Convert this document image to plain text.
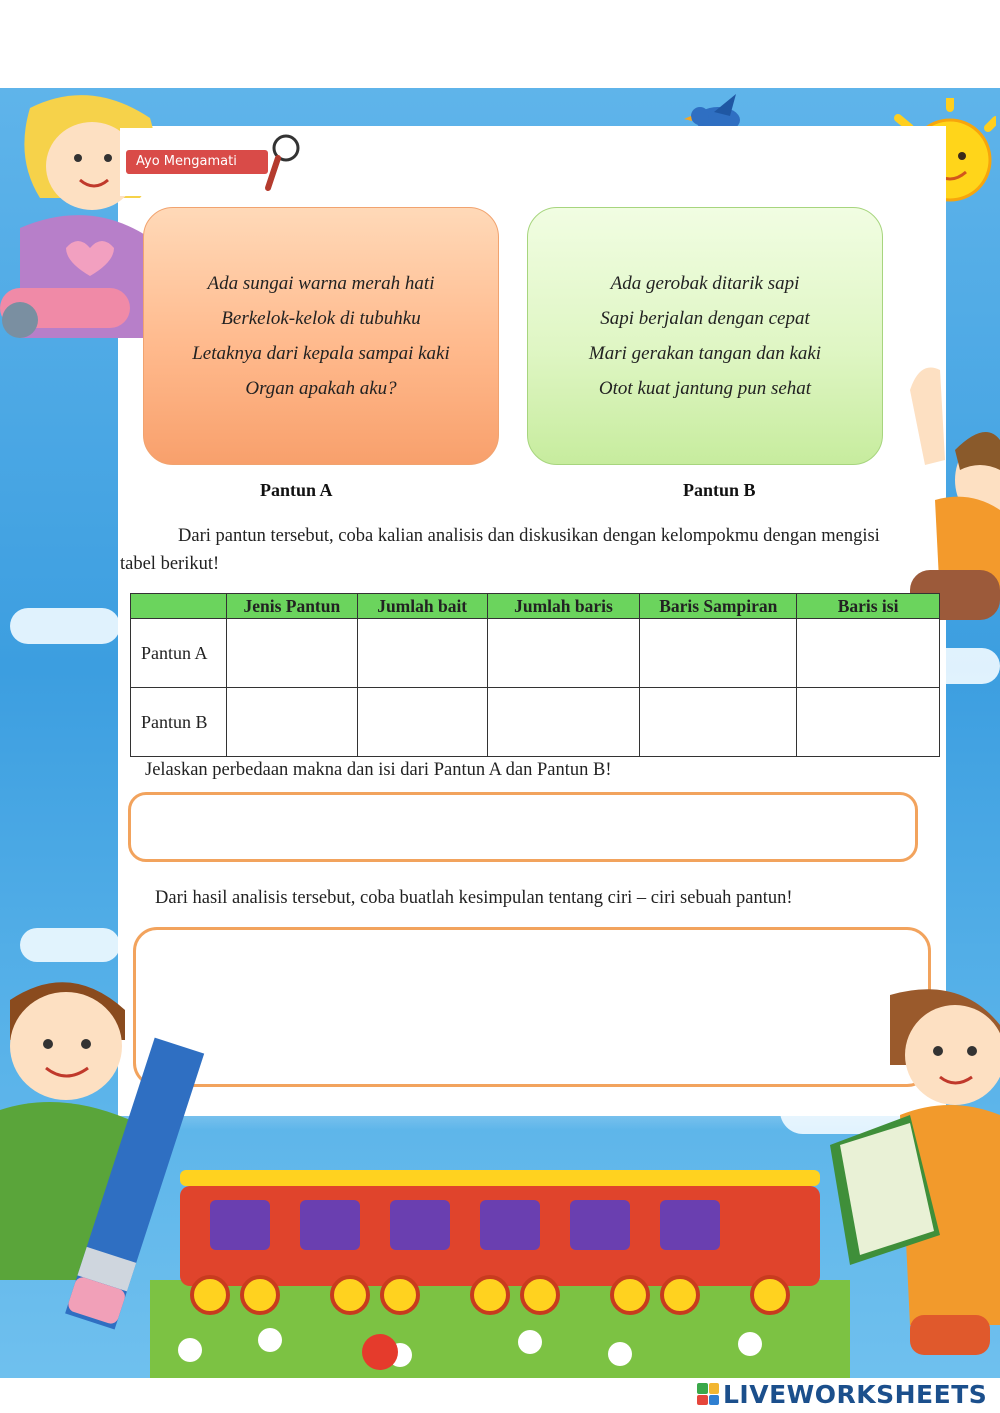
Ayo Mengamati
Ada sungai warna merah hati
Berkelok-kelok di tubuhku
Letaknya dari kepala sampai kaki
Organ apakah aku?
Ada gerobak ditarik sapi
Sapi berjalan dengan cepat
Mari gerakan tangan dan kaki
Otot kuat jantung pun sehat
Pantun A	Pantun B
Dari pantun tersebut, coba kalian analisis dan diskusikan dengan kelompokmu dengan mengisi tabel berikut!
	Jenis Pantun	Jumlah bait	Jumlah baris	Baris Sampiran	Baris isi
Pantun A					
Pantun B					
Jelaskan perbedaan makna dan isi dari Pantun A dan Pantun B!
Dari hasil analisis tersebut, coba buatlah kesimpulan tentang ciri – ciri sebuah pantun!
LIVEWORKSHEETS
